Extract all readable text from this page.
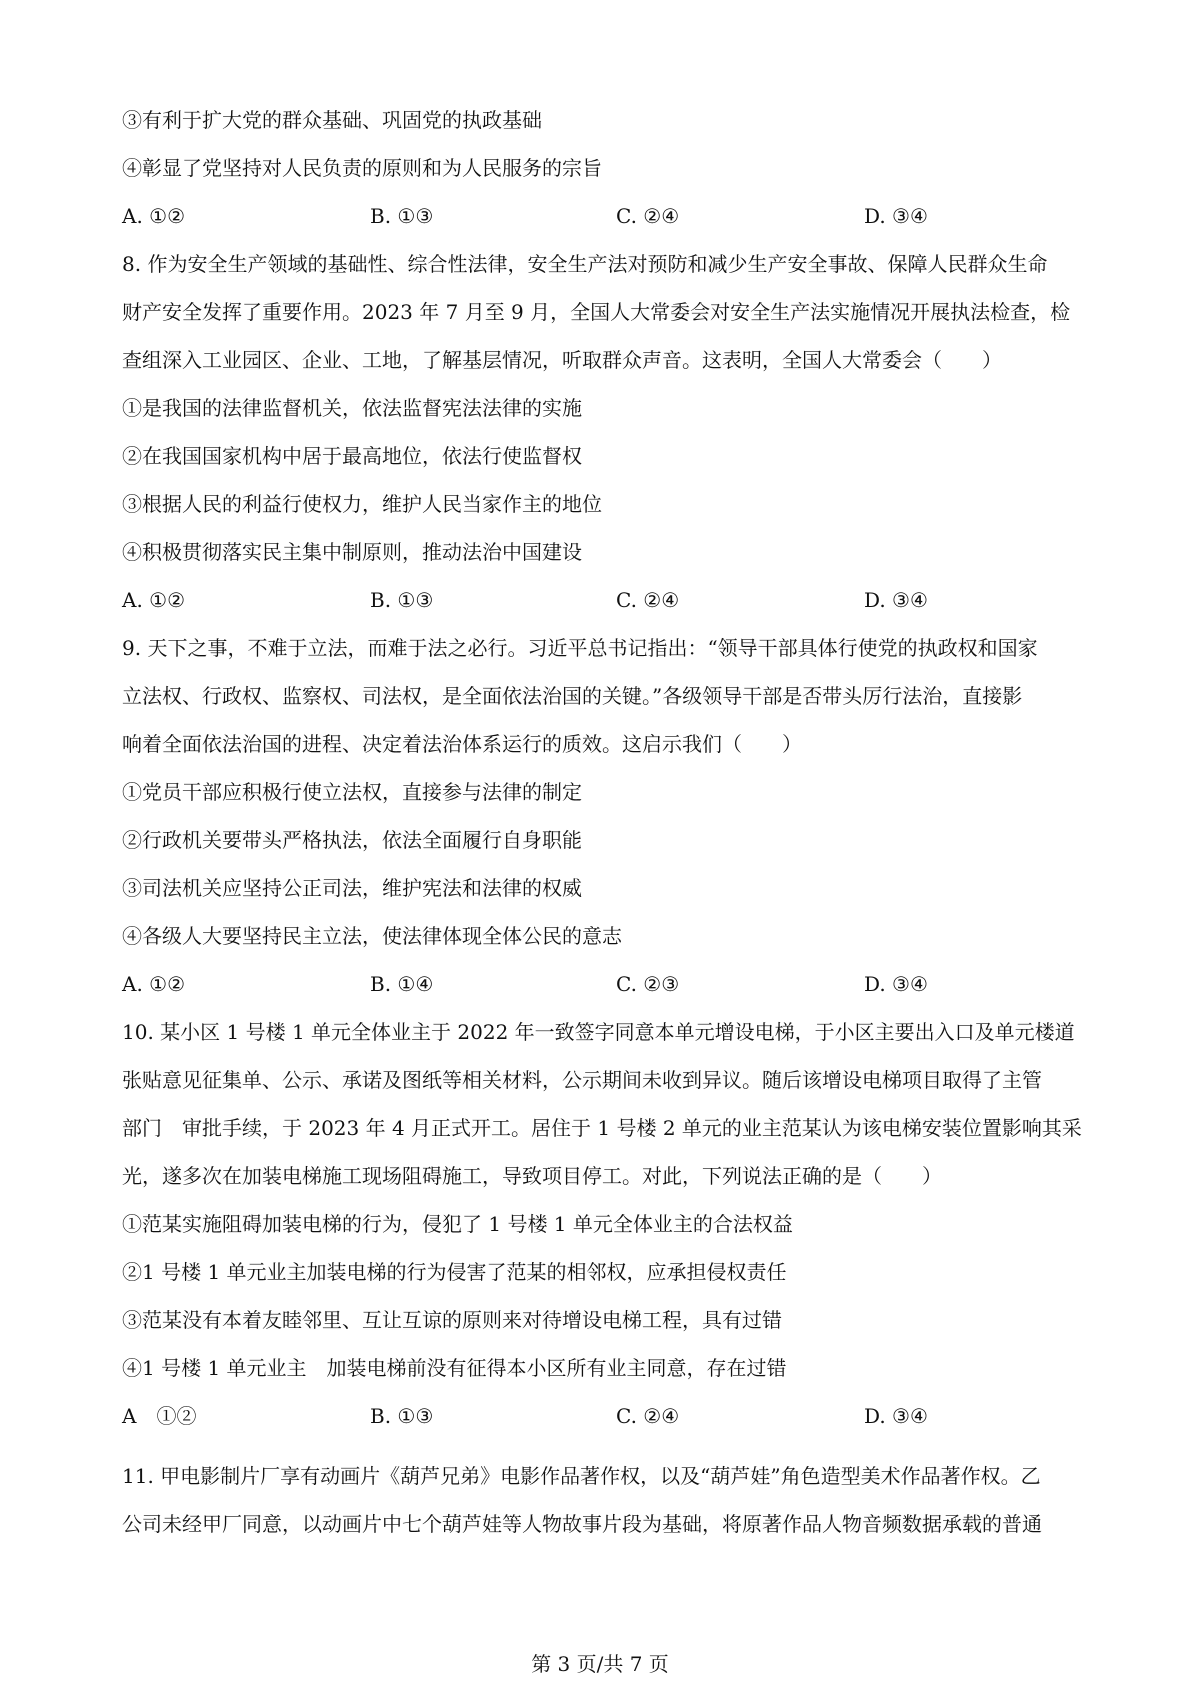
③有利于扩大党的群众基础、巩固党的执政基础
④彰显了党坚持对人民负责的原则和为人民服务的宗旨
A. ①②	B. ①③	C. ②④	D. ③④
8. 作为安全生产领域的基础性、综合性法律，安全生产法对预防和减少生产安全事故、保障人民群众生命
财产安全发挥了重要作用。2023 年 7 月至 9 月，全国人大常委会对安全生产法实施情况开展执法检查，检
查组深入工业园区、企业、工地，了解基层情况，听取群众声音。这表明，全国人大常委会（　　）
①是我国的法律监督机关，依法监督宪法法律的实施
②在我国国家机构中居于最高地位，依法行使监督权
③根据人民的利益行使权力，维护人民当家作主的地位
④积极贯彻落实民主集中制原则，推动法治中国建设
A. ①②	B. ①③	C. ②④	D. ③④
9. 天下之事，不难于立法，而难于法之必行。习近平总书记指出：“领导干部具体行使党的执政权和国家
立法权、行政权、监察权、司法权，是全面依法治国的关键。”各级领导干部是否带头厉行法治，直接影
响着全面依法治国的进程、决定着法治体系运行的质效。这启示我们（　　）
①党员干部应积极行使立法权，直接参与法律的制定
②行政机关要带头严格执法，依法全面履行自身职能
③司法机关应坚持公正司法，维护宪法和法律的权威
④各级人大要坚持民主立法，使法律体现全体公民的意志
A. ①②	B. ①④	C. ②③	D. ③④
10. 某小区 1 号楼 1 单元全体业主于 2022 年一致签字同意本单元增设电梯，于小区主要出入口及单元楼道
张贴意见征集单、公示、承诺及图纸等相关材料，公示期间未收到异议。随后该增设电梯项目取得了主管
部门　审批手续，于 2023 年 4 月正式开工。居住于 1 号楼 2 单元的业主范某认为该电梯安装位置影响其采
光，遂多次在加装电梯施工现场阻碍施工，导致项目停工。对此，下列说法正确的是（　　）
①范某实施阻碍加装电梯的行为，侵犯了 1 号楼 1 单元全体业主的合法权益
②1 号楼 1 单元业主加装电梯的行为侵害了范某的相邻权，应承担侵权责任
③范某没有本着友睦邻里、互让互谅的原则来对待增设电梯工程，具有过错
④1 号楼 1 单元业主　加装电梯前没有征得本小区所有业主同意，存在过错
A　①②	B. ①③	C. ②④	D. ③④
11. 甲电影制片厂享有动画片《葫芦兄弟》电影作品著作权，以及“葫芦娃”角色造型美术作品著作权。乙
公司未经甲厂同意，以动画片中七个葫芦娃等人物故事片段为基础，将原著作品人物音频数据承载的普通
第 3 页/共 7 页
